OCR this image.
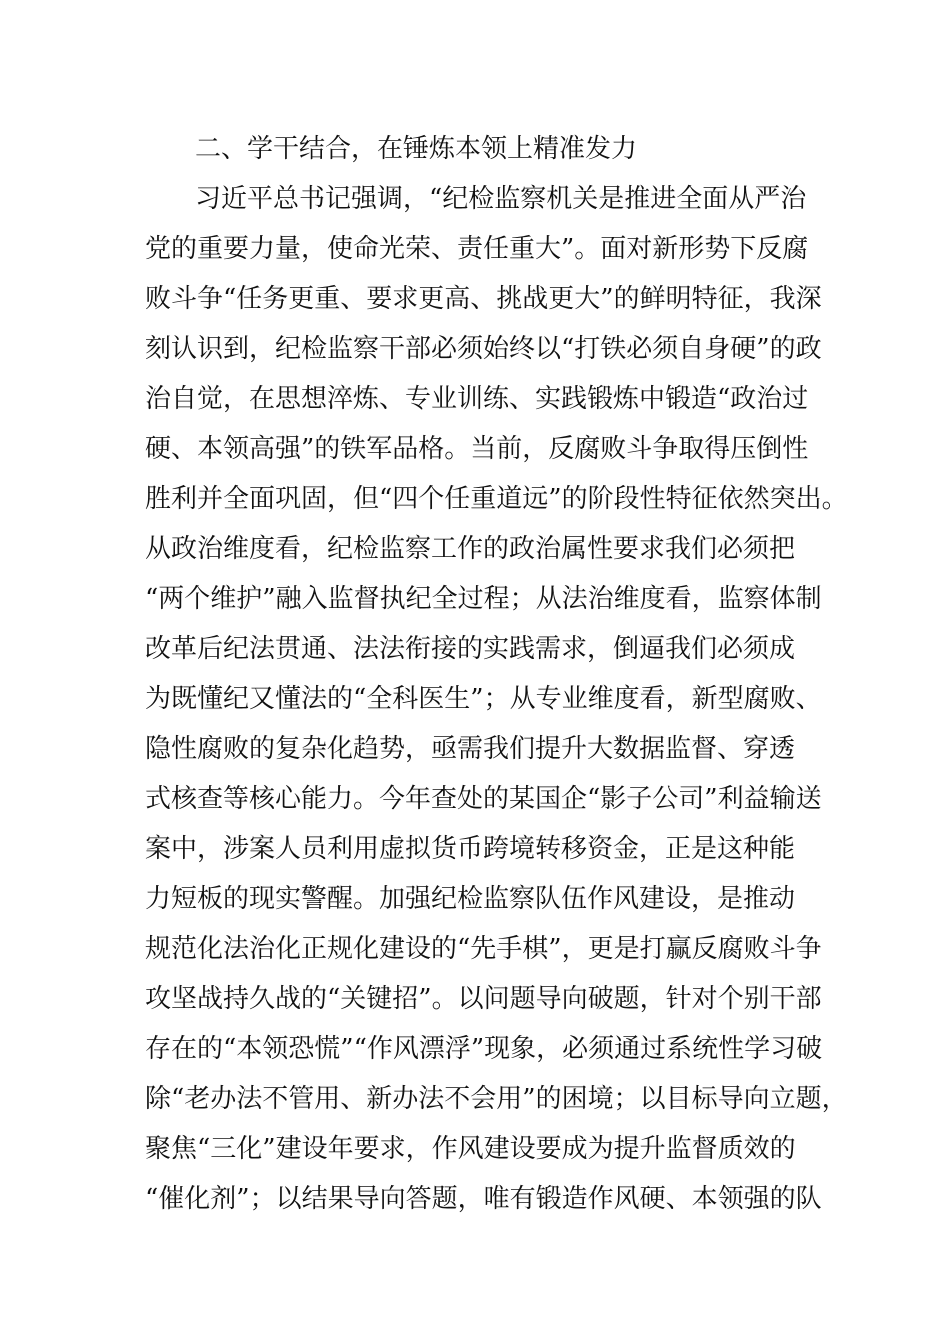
二、学干结合，在锤炼本领上精准发力
习近平总书记强调，“纪检监察机关是推进全面从严治
党的重要力量，使命光荣、责任重大”。面对新形势下反腐
败斗争“任务更重、要求更高、挑战更大”的鲜明特征，我深
刻认识到，纪检监察干部必须始终以“打铁必须自身硬”的政
治自觉，在思想淬炼、专业训练、实践锻炼中锻造“政治过
硬、本领高强”的铁军品格。当前，反腐败斗争取得压倒性
胜利并全面巩固，但“四个任重道远”的阶段性特征依然突出。
从政治维度看，纪检监察工作的政治属性要求我们必须把
“两个维护”融入监督执纪全过程；从法治维度看，监察体制
改革后纪法贯通、法法衔接的实践需求，倒逼我们必须成
为既懂纪又懂法的“全科医生”；从专业维度看，新型腐败、
隐性腐败的复杂化趋势，亟需我们提升大数据监督、穿透
式核查等核心能力。今年查处的某国企“影子公司”利益输送
案中，涉案人员利用虚拟货币跨境转移资金，正是这种能
力短板的现实警醒。加强纪检监察队伍作风建设，是推动
规范化法治化正规化建设的“先手棋”，更是打赢反腐败斗争
攻坚战持久战的“关键招”。以问题导向破题，针对个别干部
存在的“本领恐慌”“作风漂浮”现象，必须通过系统性学习破
除“老办法不管用、新办法不会用”的困境；以目标导向立题，
聚焦“三化”建设年要求，作风建设要成为提升监督质效的
“催化剂”；以结果导向答题，唯有锻造作风硬、本领强的队
